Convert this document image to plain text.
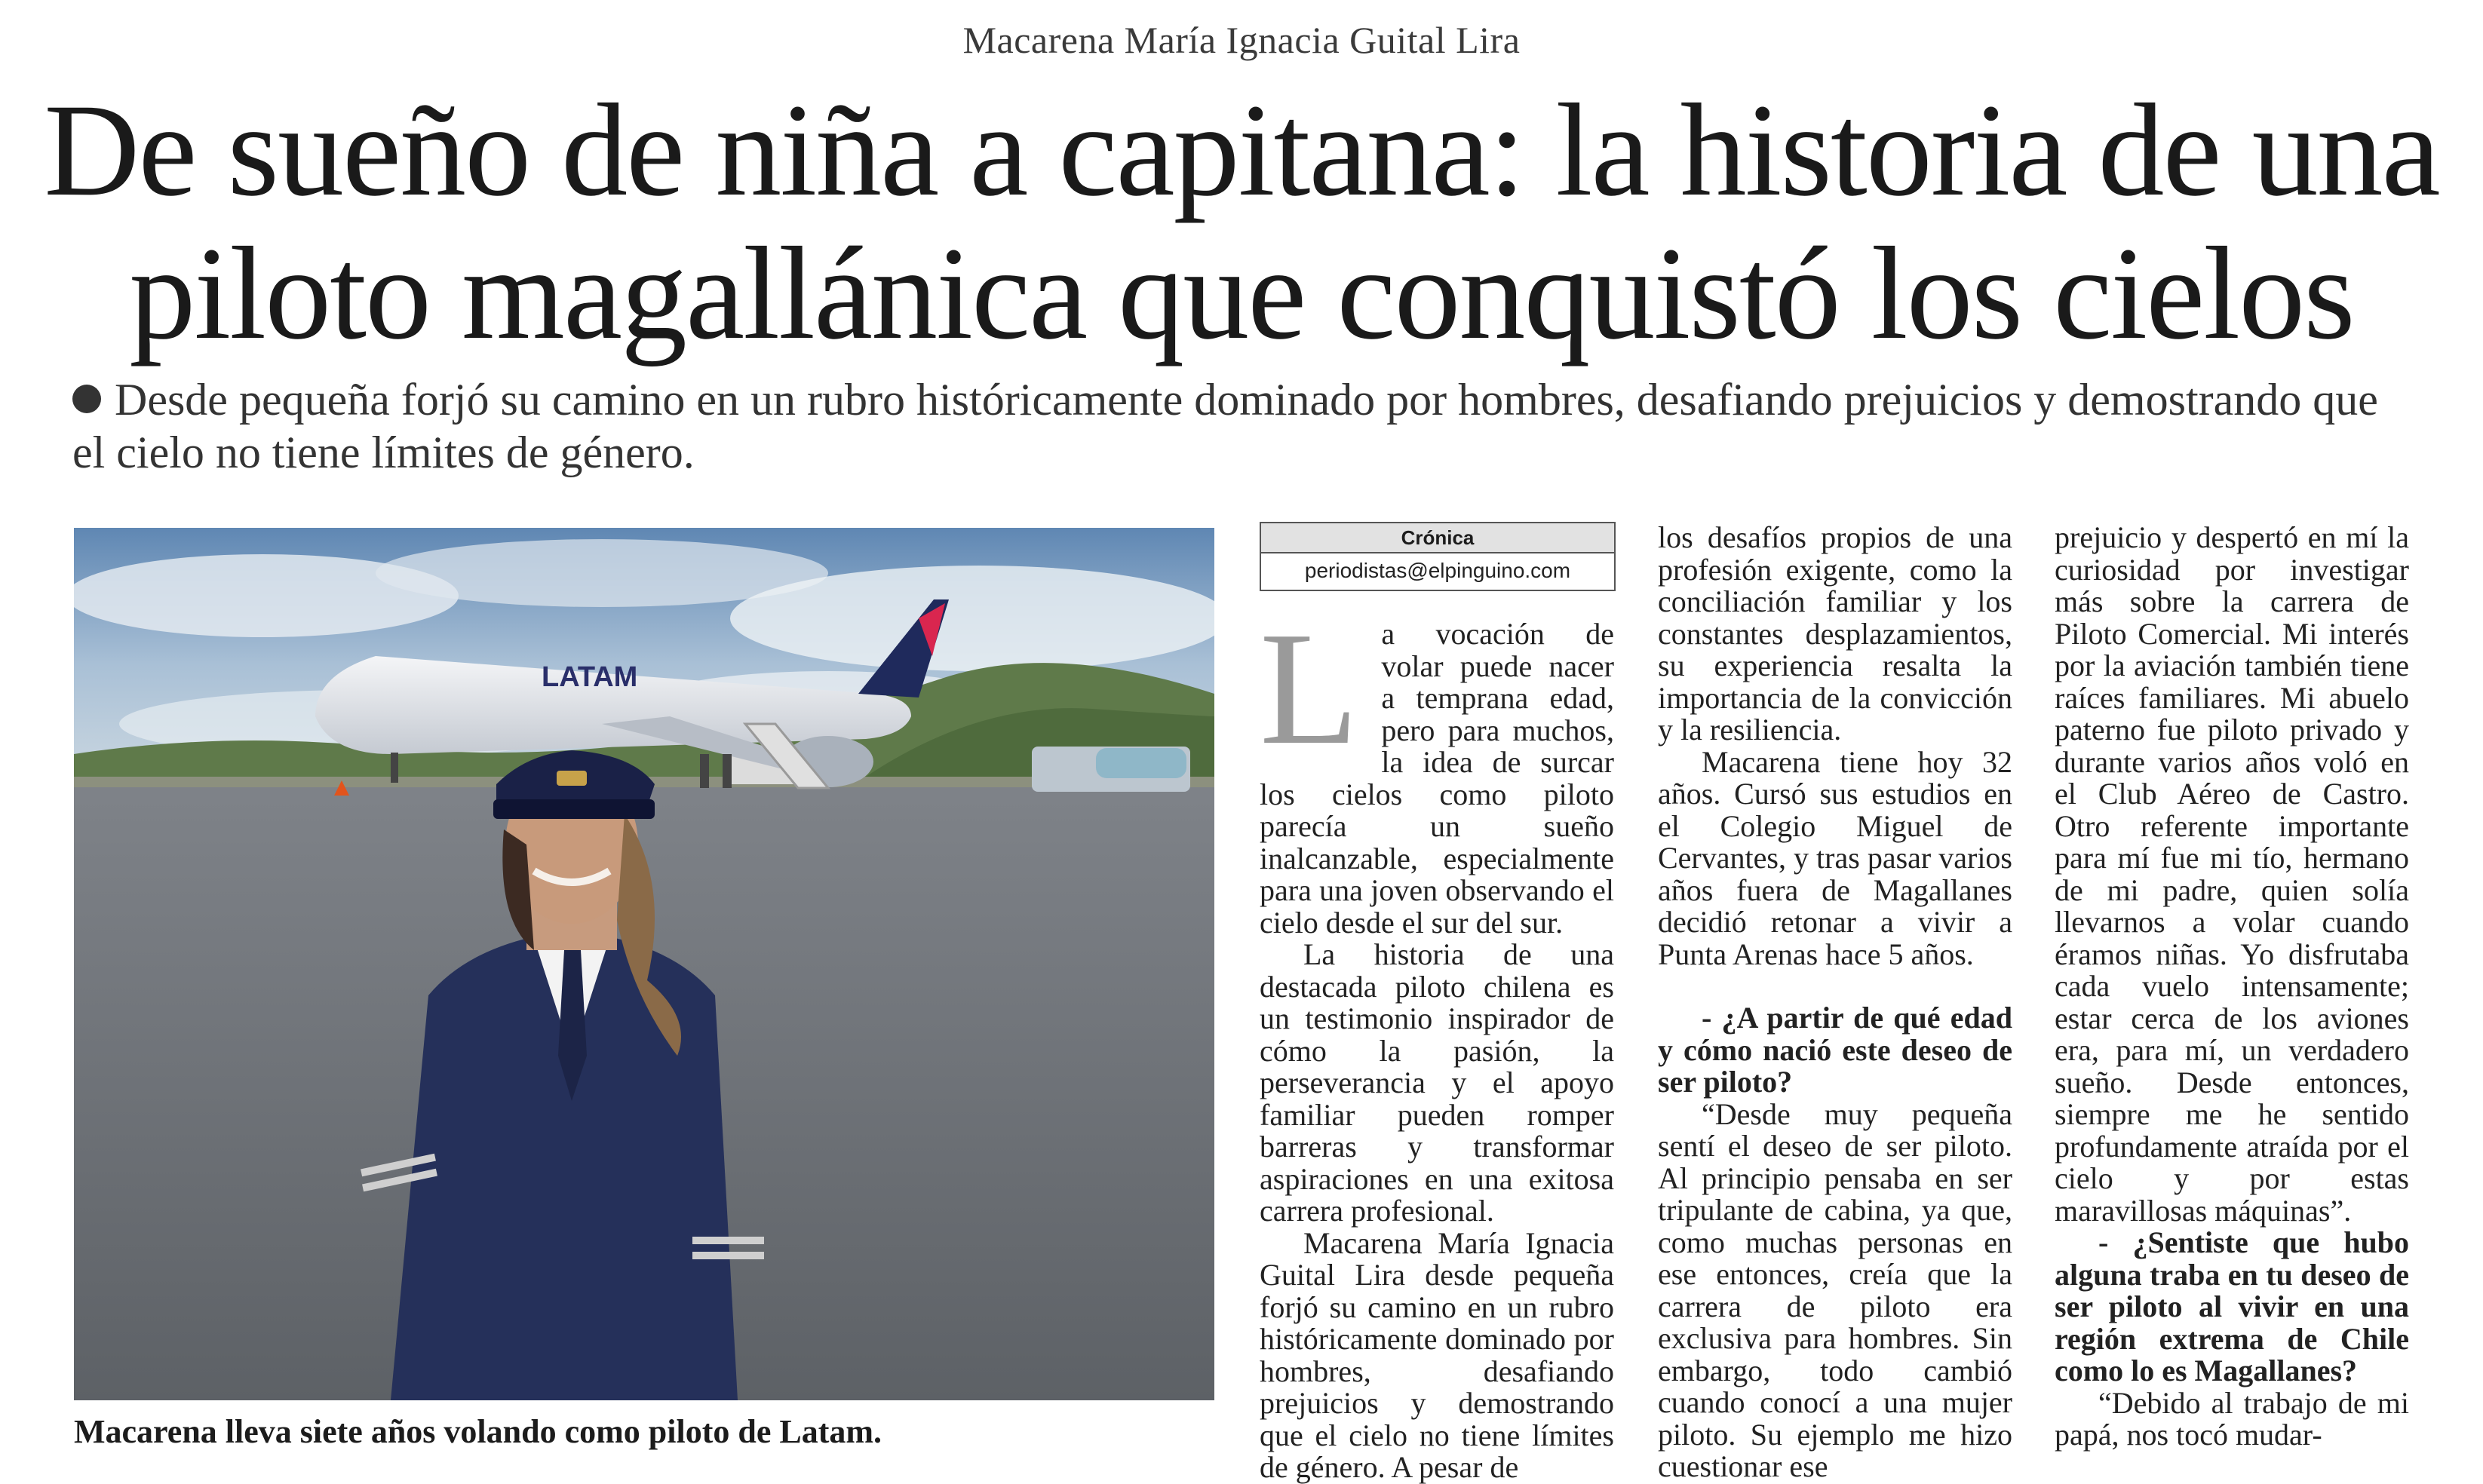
Macarena María Ignacia Guital Lira
De sueño de niña a capitana: la historia de una
piloto magallánica que conquistó los cielos

Desde pequeña forjó su camino en un rubro históricamente dominado por hombres, desafiando prejuicios y demostrando que el cielo no tiene límites de género.

LATAM

Macarena lleva siete años volando como piloto de Latam.

Crónica
periodistas@elpinguino.com
L a vocación de volar puede nacer a temprana edad, pero para muchos, la idea de surcar los cielos como piloto parecía un sueño inalcanzable, especialmente para una joven observando el cielo desde el sur del sur.

La historia de una destacada piloto chilena es un testimonio inspirador de cómo la pasión, la perseverancia y el apoyo familiar pueden romper barreras y transformar aspiraciones en una exitosa carrera profesional.

Macarena María Ignacia Guital Lira desde pequeña forjó su camino en un rubro históricamente dominado por hombres, desafiando prejuicios y demostrando que el cielo no tiene límites de género. A pesar de

los desafíos propios de una profesión exigente, como la conciliación familiar y los constantes desplazamientos, su experiencia resalta la importancia de la convicción y la resiliencia.

Macarena tiene hoy 32 años. Cursó sus estudios en el Colegio Miguel de Cervantes, y tras pasar varios años fuera de Magallanes decidió retonar a vivir a Punta Arenas hace 5 años.

- ¿A partir de qué edad y cómo nació este deseo de ser piloto?

“Desde muy pequeña sentí el deseo de ser piloto. Al principio pensaba en ser tripulante de cabina, ya que, como muchas personas en ese entonces, creía que la carrera de piloto era exclusiva para hombres. Sin embargo, todo cambió cuando conocí a una mujer piloto. Su ejemplo me hizo cuestionar ese

prejuicio y despertó en mí la curiosidad por investigar más sobre la carrera de Piloto Comercial. Mi interés por la aviación también tiene raíces familiares. Mi abuelo paterno fue piloto privado y durante varios años voló en el Club Aéreo de Castro. Otro referente importante para mí fue mi tío, hermano de mi padre, quien solía llevarnos a volar cuando éramos niñas. Yo disfrutaba cada vuelo intensamente; estar cerca de los aviones era, para mí, un verdadero sueño. Desde entonces, siempre me he sentido profundamente atraída por el cielo y por estas maravillosas máquinas”.

- ¿Sentiste que hubo alguna traba en tu deseo de ser piloto al vivir en una región extrema de Chile como lo es Magallanes?

“Debido al trabajo de mi papá, nos tocó mudar-
